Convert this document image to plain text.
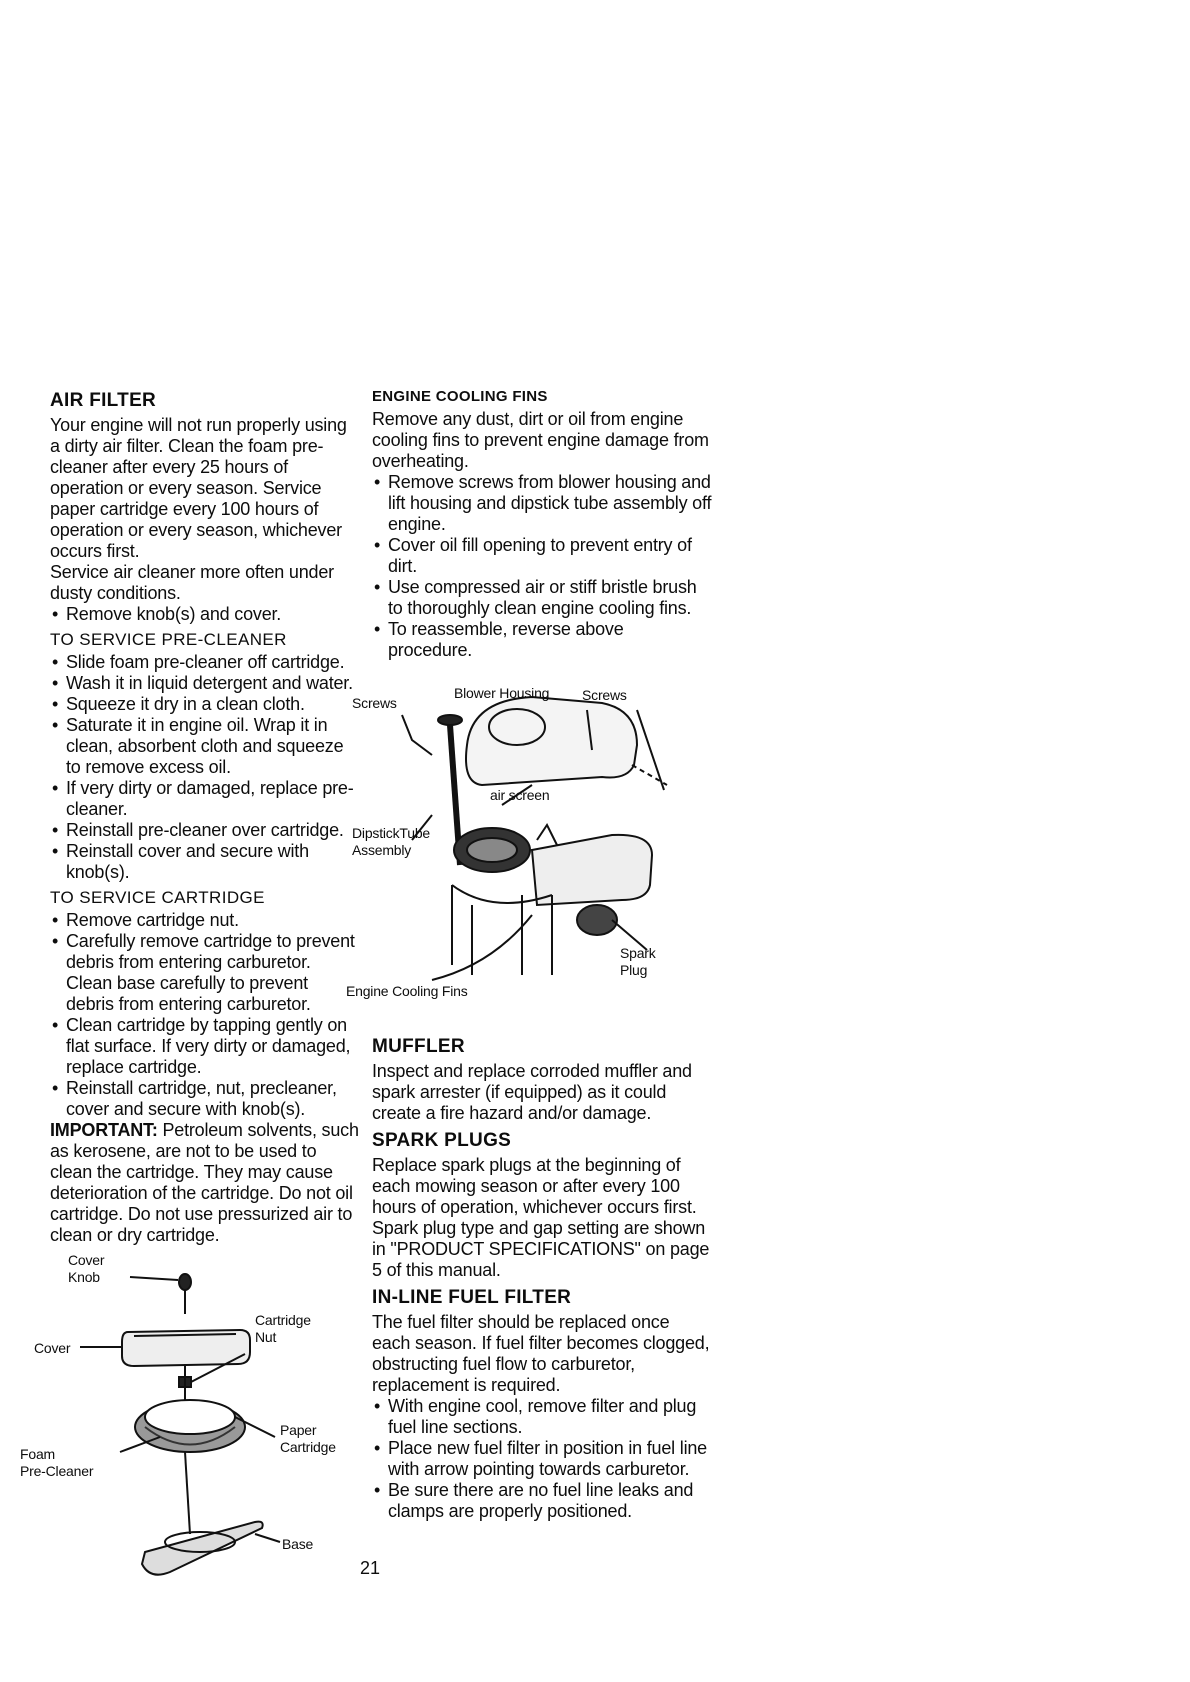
AIR FILTER

Your engine will not run properly using a dirty air filter. Clean the foam pre-cleaner after every 25 hours of operation or every season. Service paper cartridge every 100 hours of operation or every season, whichever occurs first.

Service air cleaner more often under dusty conditions.

• Remove knob(s) and cover.
TO SERVICE PRE-CLEANER
• Slide foam pre-cleaner off cartridge.
• Wash it in liquid detergent and water.
• Squeeze it dry in a clean cloth.
• Saturate it in engine oil. Wrap it in clean, absorbent cloth and squeeze to remove excess oil.
• If very dirty or damaged, replace pre-cleaner.
• Reinstall pre-cleaner over cartridge.
• Reinstall cover and secure with knob(s).
TO SERVICE CARTRIDGE
• Remove cartridge nut.
• Carefully remove cartridge to prevent debris from entering carburetor. Clean base carefully to prevent debris from entering carburetor.
• Clean cartridge by tapping gently on flat surface. If very dirty or damaged, replace cartridge.
• Reinstall cartridge, nut, precleaner, cover and secure with knob(s).

IMPORTANT: Petroleum solvents, such as kerosene, are not to be used to clean the cartridge. They may cause deterioration of the cartridge. Do not oil cartridge. Do not use pressurized air to clean or dry cartridge.

Cover
Knob
Cover
Cartridge
Nut
Paper
Cartridge
Foam
Pre-Cleaner
Base
ENGINE COOLING FINS

Remove any dust, dirt or oil from engine cooling fins to prevent engine damage from overheating.

• Remove screws from blower housing and lift housing and dipstick tube assembly off engine.
• Cover oil fill opening to prevent entry of dirt.
• Use compressed air or stiff bristle brush to thoroughly clean engine cooling fins.
• To reassemble, reverse above procedure.
Blower Housing
Screws	Screws
air screen
DipstickTube
Assembly
Spark
Plug
Engine Cooling Fins
MUFFLER

Inspect and replace corroded muffler and spark arrester (if equipped) as it could create a fire hazard and/or damage.

SPARK PLUGS

Replace spark plugs at the beginning of each mowing season or after every 100 hours of operation, whichever occurs first. Spark plug type and gap setting are shown in "PRODUCT SPECIFICATIONS" on page 5 of this manual.

IN-LINE FUEL FILTER

The fuel filter should be replaced once each season. If fuel filter becomes clogged, obstructing fuel flow to carburetor, replacement is required.

• With engine cool, remove filter and plug fuel line sections.
• Place new fuel filter in position in fuel line with arrow pointing towards carburetor.
• Be sure there are no fuel line leaks and clamps are properly positioned.
21
